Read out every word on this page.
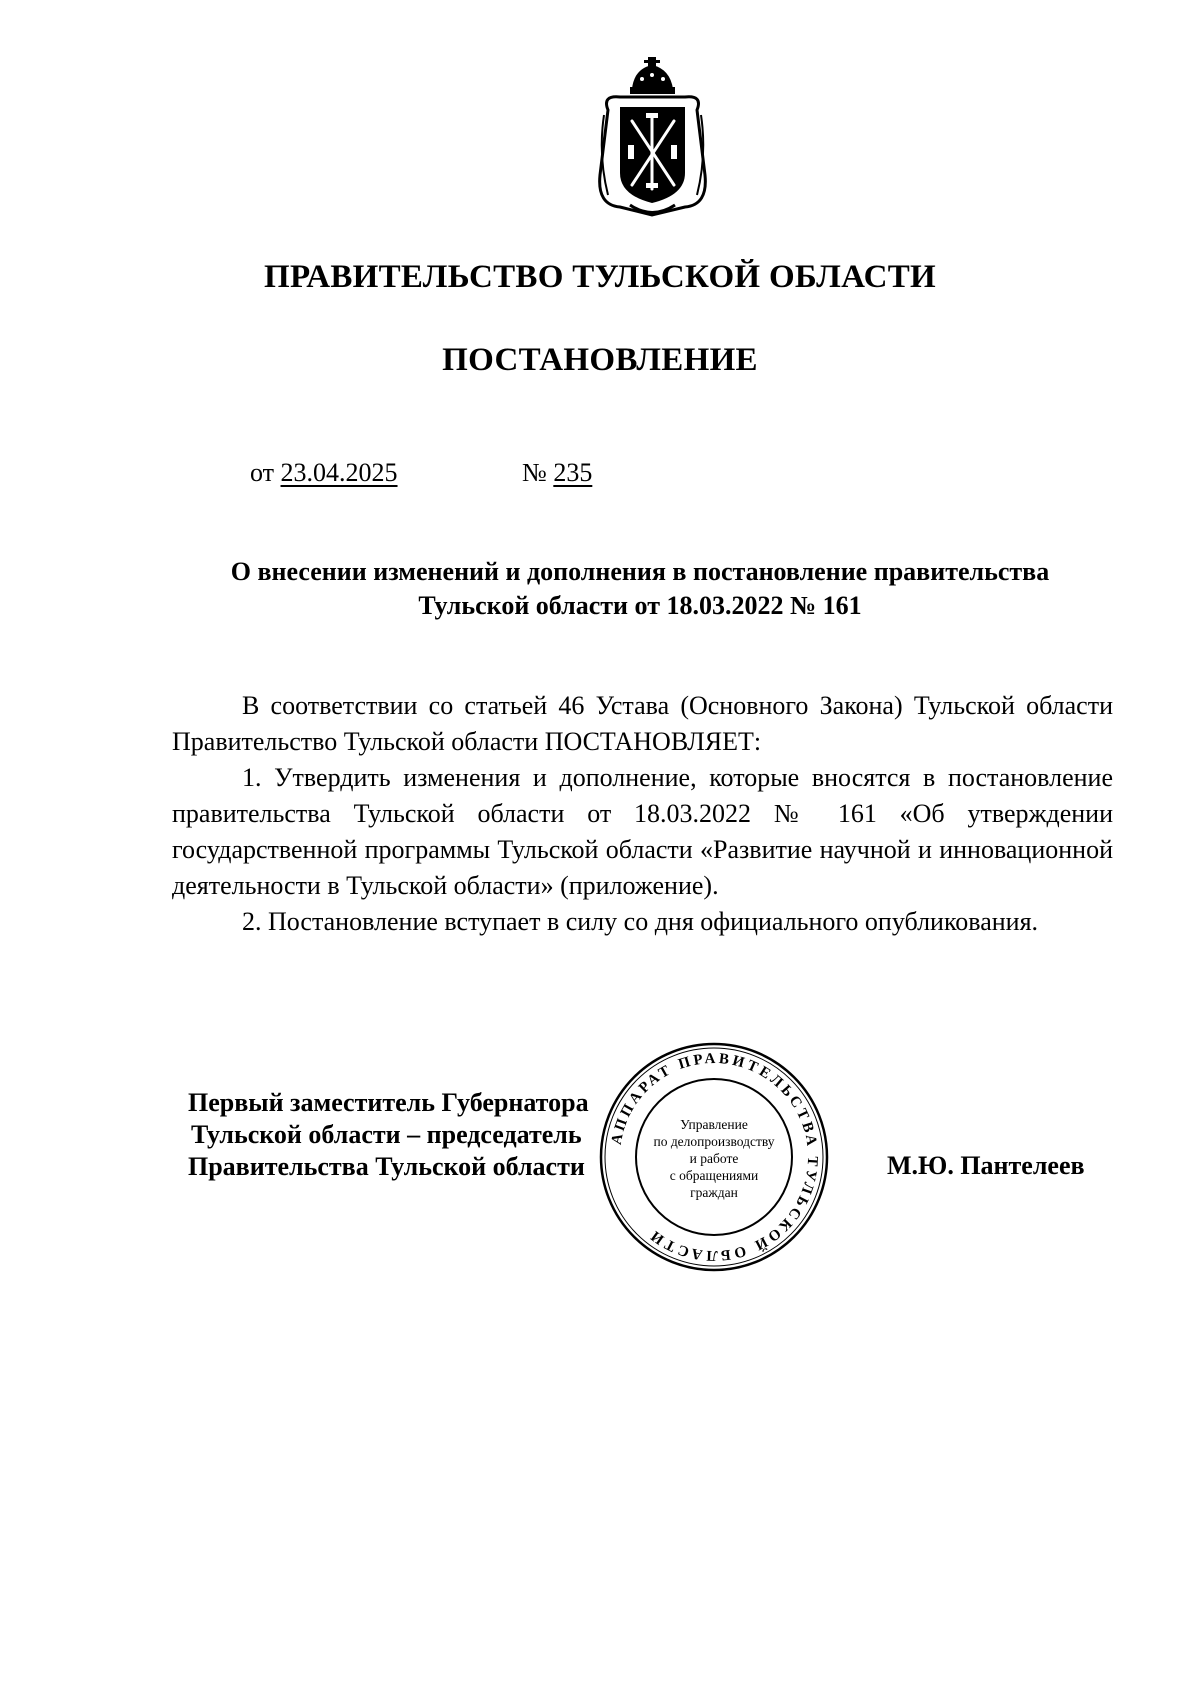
ПРАВИТЕЛЬСТВО ТУЛЬСКОЙ ОБЛАСТИ
ПОСТАНОВЛЕНИЕ
от 23.04.2025	№ 235
О внесении изменений и дополнения в постановление правительства
Тульской области от 18.03.2022 № 161

В соответствии со статьей 46 Устава (Основного Закона) Тульской области Правительство Тульской области ПОСТАНОВЛЯЕТ:

1. Утвердить изменения и дополнение, которые вносятся в постановление правительства Тульской области от 18.03.2022 № 161 «Об утверждении государственной программы Тульской области «Развитие научной и инновационной деятельности в Тульской области» (приложение).

2. Постановление вступает в силу со дня официального опубликования.

Первый заместитель Губернатора
Тульской области – председатель
Правительства Тульской области	М.Ю. Пантелеев
АППАРАТ ПРАВИТЕЛЬСТВА ТУЛЬСКОЙ ОБЛАСТИ
Управление
по делопроизводству
и работе
с обращениями
граждан
